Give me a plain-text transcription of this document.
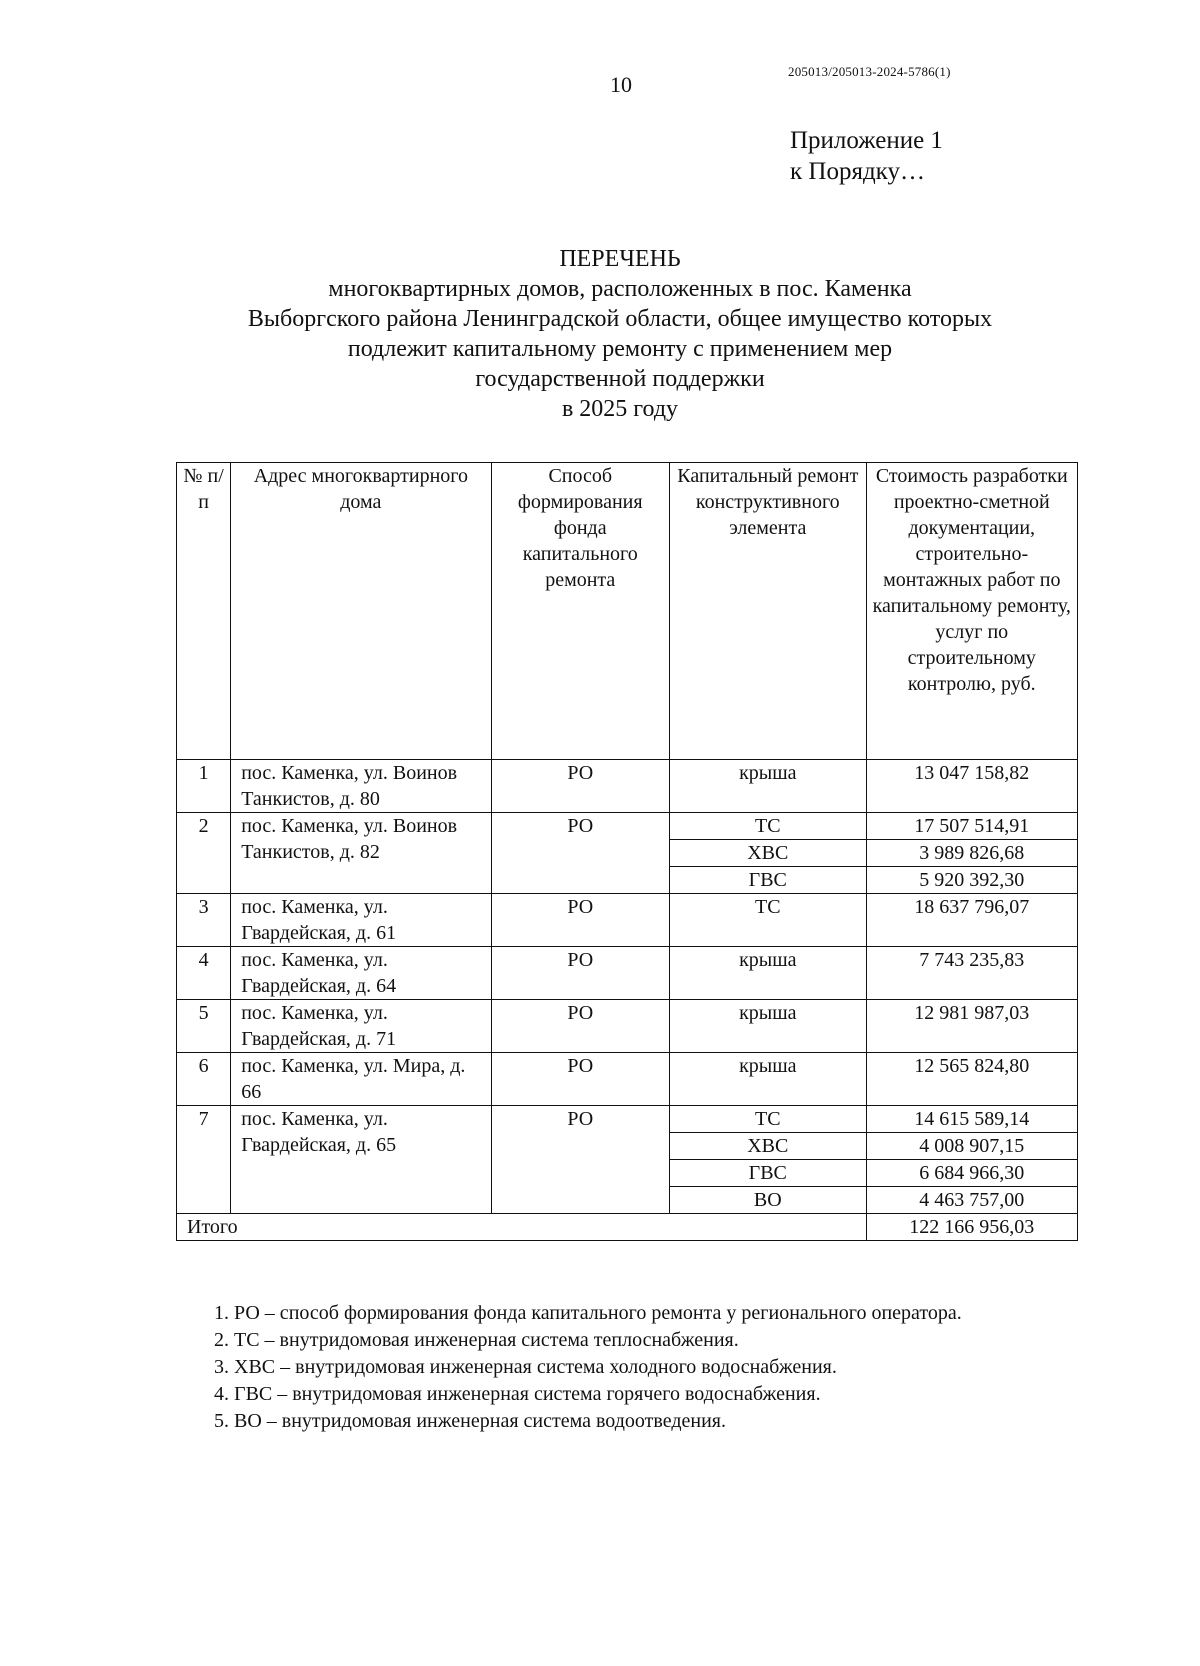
10
205013/205013-2024-5786(1)
Приложение 1
к Порядку…
ПЕРЕЧЕНЬ
многоквартирных домов, расположенных в пос. Каменка
Выборгского района Ленинградской области, общее имущество которых
подлежит капитальному ремонту с применением мер
государственной поддержки
в 2025 году
№ п/п	Адрес многоквартирного дома	Способ формирования фонда капитального ремонта	Капитальный ремонт конструктивного элемента	Стоимость разработки проектно-сметной документации, строительно-монтажных работ по капитальному ремонту, услуг по строительному контролю, руб.
1	пос. Каменка, ул. Воинов Танкистов, д. 80	РО	крыша	13 047 158,82
2	пос. Каменка, ул. Воинов Танкистов, д. 82	РО	ТС	17 507 514,91
			ХВС	3 989 826,68
			ГВС	5 920 392,30
3	пос. Каменка, ул. Гвардейская, д. 61	РО	ТС	18 637 796,07
4	пос. Каменка, ул. Гвардейская, д. 64	РО	крыша	7 743 235,83
5	пос. Каменка, ул. Гвардейская, д. 71	РО	крыша	12 981 987,03
6	пос. Каменка, ул. Мира, д. 66	РО	крыша	12 565 824,80
7	пос. Каменка, ул. Гвардейская, д. 65	РО	ТС	14 615 589,14
			ХВС	4 008 907,15
			ГВС	6 684 966,30
			ВО	4 463 757,00
Итого				122 166 956,03

1. РО – способ формирования фонда капитального ремонта у регионального оператора.

2. ТС – внутридомовая инженерная система теплоснабжения.

3. ХВС – внутридомовая инженерная система холодного водоснабжения.

4. ГВС – внутридомовая инженерная система горячего водоснабжения.

5. ВО – внутридомовая инженерная система водоотведения.
